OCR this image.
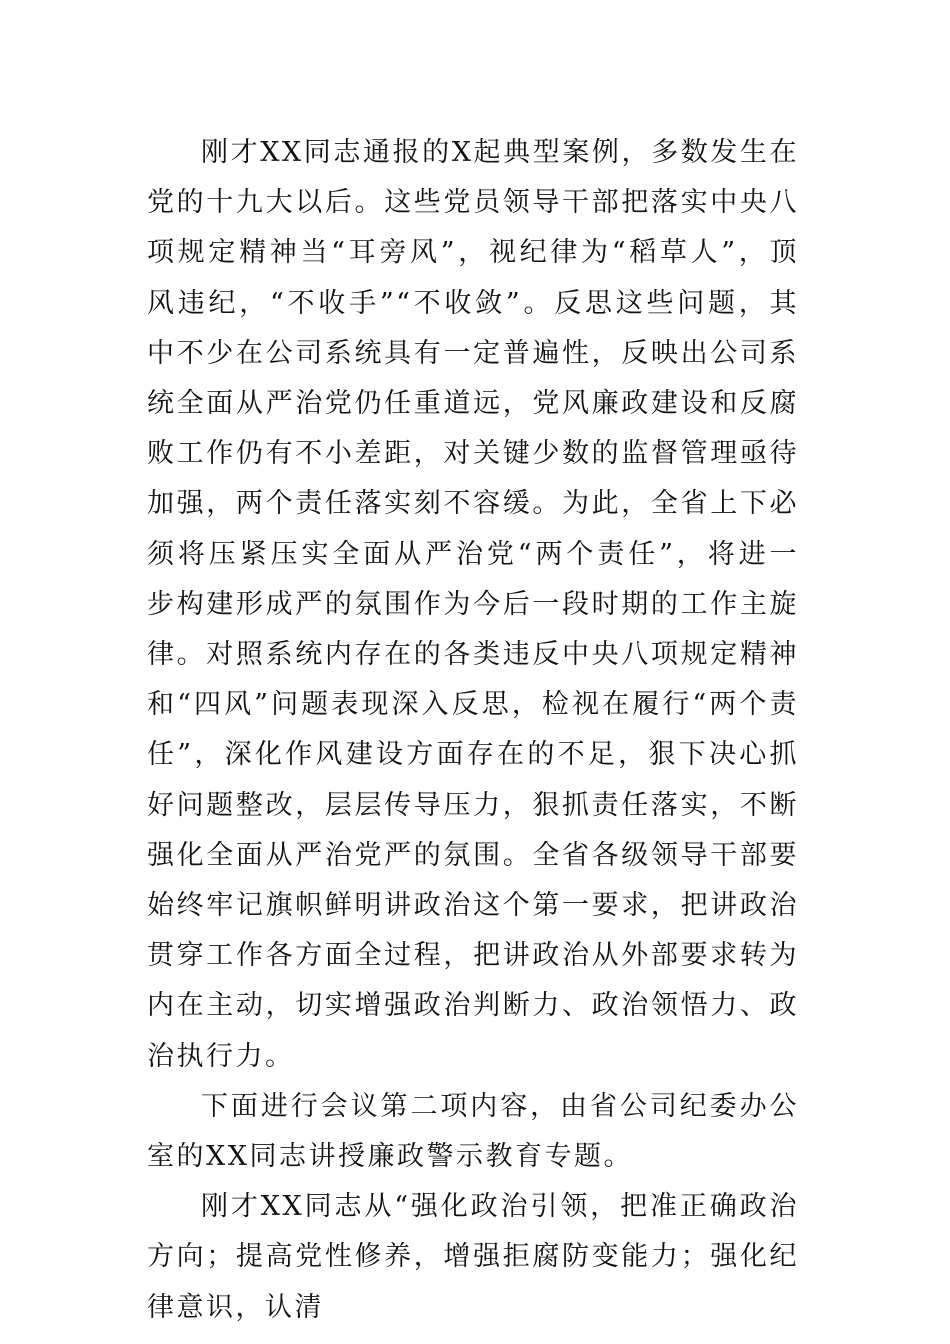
刚才XX同志通报的X起典型案例，多数发生在党的十九大以后。这些党员领导干部把落实中央八项规定精神当“耳旁风”，视纪律为“稻草人”，顶风违纪，“不收手”“不收敛”。反思这些问题，其中不少在公司系统具有一定普遍性，反映出公司系统全面从严治党仍任重道远，党风廉政建设和反腐败工作仍有不小差距，对关键少数的监督管理亟待加强，两个责任落实刻不容缓。为此，全省上下必须将压紧压实全面从严治党“两个责任”，将进一步构建形成严的氛围作为今后一段时期的工作主旋律。对照系统内存在的各类违反中央八项规定精神和“四风”问题表现深入反思，检视在履行“两个责任”，深化作风建设方面存在的不足，狠下决心抓好问题整改，层层传导压力，狠抓责任落实，不断强化全面从严治党严的氛围。全省各级领导干部要始终牢记旗帜鲜明讲政治这个第一要求，把讲政治贯穿工作各方面全过程，把讲政治从外部要求转为内在主动，切实增强政治判断力、政治领悟力、政治执行力。

下面进行会议第二项内容，由省公司纪委办公室的XX同志讲授廉政警示教育专题。

刚才XX同志从“强化政治引领，把准正确政治方向；提高党性修养，增强拒腐防变能力；强化纪律意识，认清
